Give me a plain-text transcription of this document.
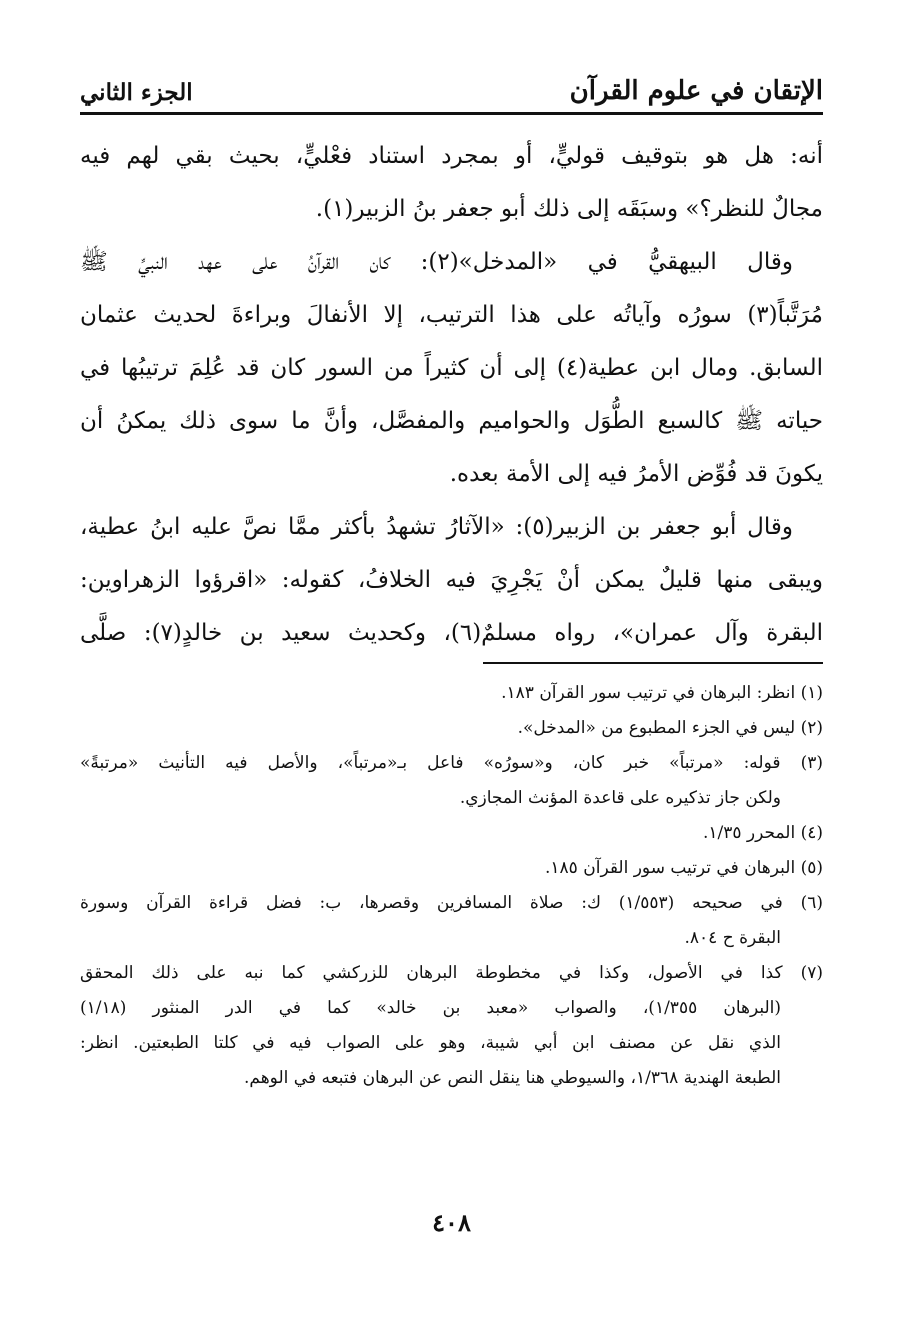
الإتقان في علوم القرآن
الجزء الثاني
أنه: هل هو بتوقيف قوليٍّ، أو بمجرد استناد فعْليٍّ، بحيث بقي لهم فيه
مجالٌ للنظر؟» وسبَقَه إلى ذلك أبو جعفر بنُ الزبير(١).
وقال البيهقيُّ في «المدخل»(٢): كان القرآنُ على عهد النبيِّ ﷺ
مُرَتَّباً(٣) سورُه وآياتُه على هذا الترتيب، إلا الأنفالَ وبراءةَ لحديث عثمان
السابق. ومال ابن عطية(٤) إلى أن كثيراً من السور كان قد عُلِمَ ترتيبُها في
حياته ﷺ كالسبع الطُّوَل والحواميم والمفصَّل، وأنَّ ما سوى ذلك يمكنُ أن
يكونَ قد فُوِّض الأمرُ فيه إلى الأمة بعده.
وقال أبو جعفر بن الزبير(٥): «الآثارُ تشهدُ بأكثر ممَّا نصَّ عليه ابنُ عطية،
ويبقى منها قليلٌ يمكن أنْ يَجْرِيَ فيه الخلافُ، كقوله: «اقرؤوا الزهراوين:
البقرة وآل عمران»، رواه مسلمٌ(٦)، وكحديث سعيد بن خالدٍ(٧): صلَّى
(١) انظر: البرهان في ترتيب سور القرآن ١٨٣.
(٢) ليس في الجزء المطبوع من «المدخل».
(٣) قوله: «مرتباً» خبر كان، و«سورُه» فاعل بـ«مرتباً»، والأصل فيه التأنيث «مرتبةً»
ولكن جاز تذكيره على قاعدة المؤنث المجازي.
(٤) المحرر ١/٣٥.
(٥) البرهان في ترتيب سور القرآن ١٨٥.
(٦) في صحيحه (١/٥٥٣) ك: صلاة المسافرين وقصرها، ب: فضل قراءة القرآن وسورة
البقرة ح ٨٠٤.
(٧) كذا في الأصول، وكذا في مخطوطة البرهان للزركشي كما نبه على ذلك المحقق
(البرهان ١/٣٥٥)، والصواب «معبد بن خالد» كما في الدر المنثور (١/١٨)
الذي نقل عن مصنف ابن أبي شيبة، وهو على الصواب فيه في كلتا الطبعتين. انظر:
الطبعة الهندية ١/٣٦٨، والسيوطي هنا ينقل النص عن البرهان فتبعه في الوهم.
٤٠٨
